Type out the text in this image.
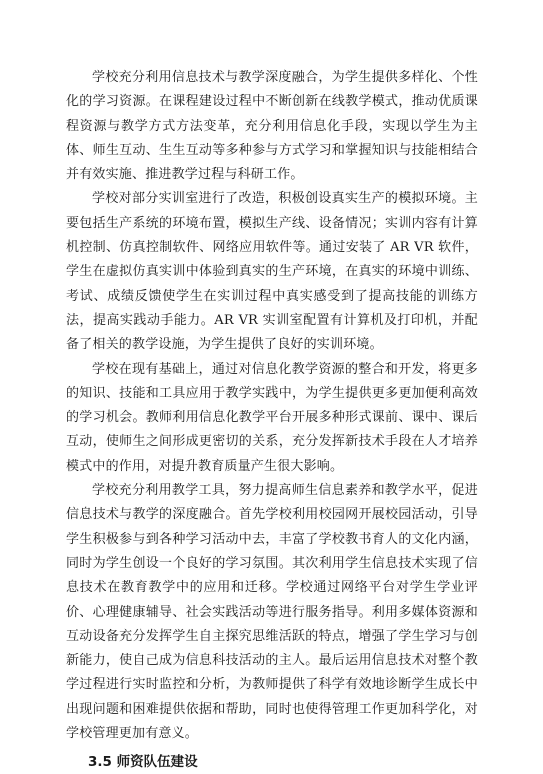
学校充分利用信息技术与教学深度融合，为学生提供多样化、个性化的学习资源。在课程建设过程中不断创新在线教学模式，推动优质课程资源与教学方式方法变革，充分利用信息化手段，实现以学生为主体、师生互动、生生互动等多种参与方式学习和掌握知识与技能相结合并有效实施、推进教学过程与科研工作。

学校对部分实训室进行了改造，积极创设真实生产的模拟环境。主要包括生产系统的环境布置，模拟生产线、设备情况；实训内容有计算机控制、仿真控制软件、网络应用软件等。通过安装了 AR VR 软件，学生在虚拟仿真实训中体验到真实的生产环境，在真实的环境中训练、考试、成绩反馈使学生在实训过程中真实感受到了提高技能的训练方法，提高实践动手能力。AR VR 实训室配置有计算机及打印机，并配备了相关的教学设施，为学生提供了良好的实训环境。

学校在现有基础上，通过对信息化教学资源的整合和开发，将更多的知识、技能和工具应用于教学实践中，为学生提供更多更加便利高效的学习机会。教师利用信息化教学平台开展多种形式课前、课中、课后互动，使师生之间形成更密切的关系，充分发挥新技术手段在人才培养模式中的作用，对提升教育质量产生很大影响。

学校充分利用教学工具，努力提高师生信息素养和教学水平，促进信息技术与教学的深度融合。首先学校利用校园网开展校园活动，引导学生积极参与到各种学习活动中去，丰富了学校教书育人的文化内涵，同时为学生创设一个良好的学习氛围。其次利用学生信息技术实现了信息技术在教育教学中的应用和迁移。学校通过网络平台对学生学业评价、心理健康辅导、社会实践活动等进行服务指导。利用多媒体资源和互动设备充分发挥学生自主探究思维活跃的特点，增强了学生学习与创新能力，使自己成为信息科技活动的主人。最后运用信息技术对整个教学过程进行实时监控和分析，为教师提供了科学有效地诊断学生成长中出现问题和困难提供依据和帮助，同时也使得管理工作更加科学化，对学校管理更加有意义。

3.5 师资队伍建设
